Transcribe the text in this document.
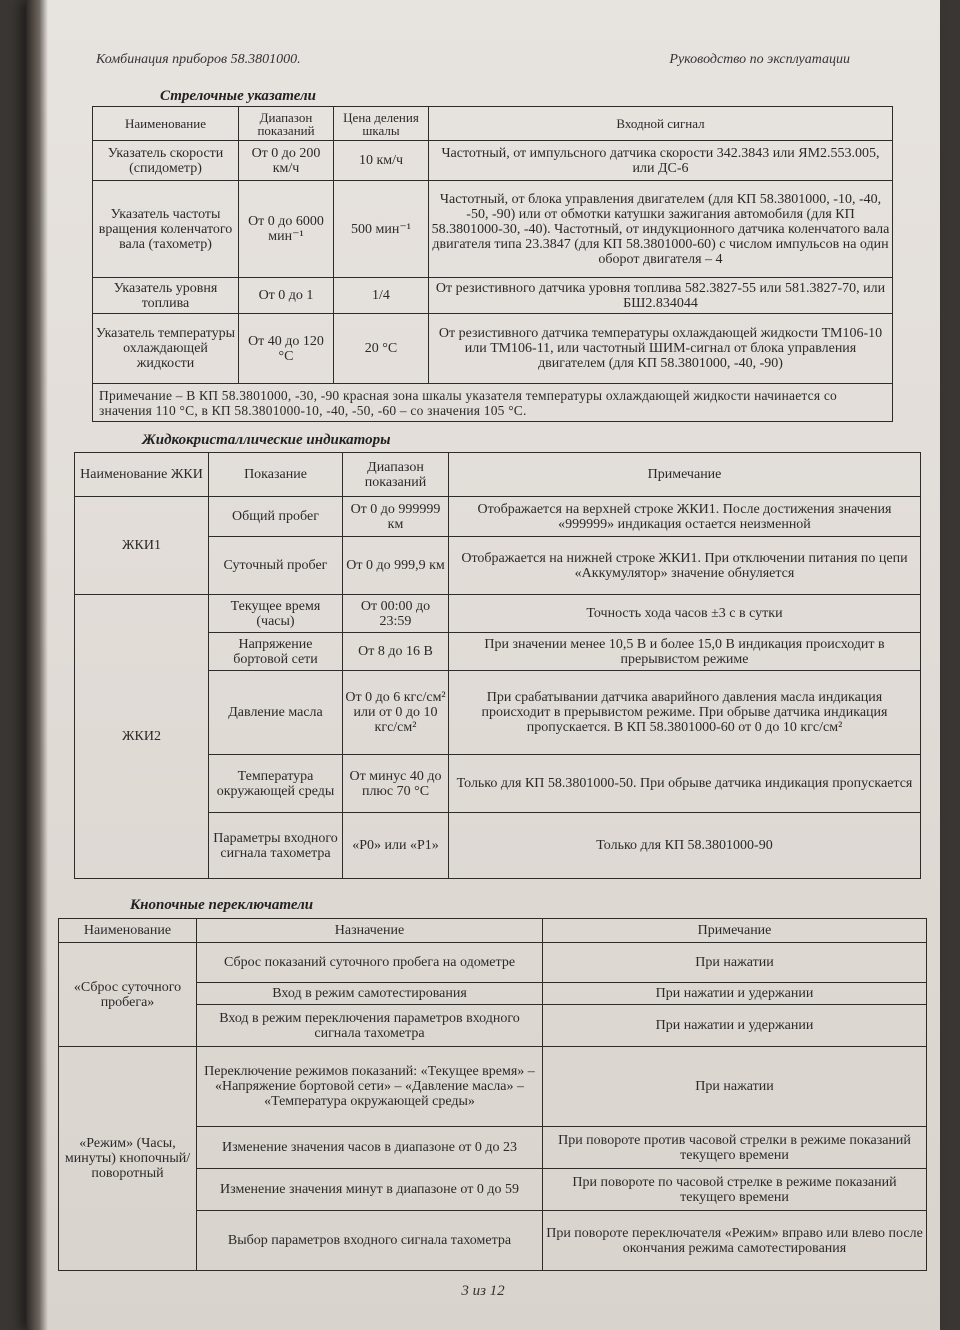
Комбинация приборов 58.3801000.	Руководство по эксплуатации
Стрелочные указатели
Наименование	Диапазон показаний	Цена деления шкалы	Входной сигнал
Указатель скорости (спидометр)	От 0 до 200 км/ч	10 км/ч	Частотный, от импульсного датчика скорости 342.3843 или ЯМ2.553.005, или ДС-6
Указатель частоты вращения коленчатого вала (тахометр)	От 0 до 6000 мин⁻¹	500 мин⁻¹	Частотный, от блока управления двигателем (для КП 58.3801000, -10, -40, -50, -90) или от обмотки катушки зажигания автомобиля (для КП 58.3801000-30, -40). Частотный, от индукционного датчика коленчатого вала двигателя типа 23.3847 (для КП 58.3801000-60) с числом импульсов на один оборот двигателя – 4
Указатель уровня топлива	От 0 до 1	1/4	От резистивного датчика уровня топлива 582.3827-55 или 581.3827-70, или БШ2.834044
Указатель температуры охлаждающей жидкости	От 40 до 120 °С	20 °С	От резистивного датчика температуры охлаждающей жидкости ТМ106-10 или ТМ106-11, или частотный ШИМ-сигнал от блока управления двигателем (для КП 58.3801000, -40, -90)
Примечание – В КП 58.3801000, -30, -90 красная зона шкалы указателя температуры охлаждающей жидкости начинается со значения 110 °С, в КП 58.3801000-10, -40, -50, -60 – со значения 105 °С.			
Жидкокристаллические индикаторы
Наименование ЖКИ	Показание	Диапазон показаний	Примечание
ЖКИ1	Общий пробег	От 0 до 999999 км	Отображается на верхней строке ЖКИ1. После достижения значения «999999» индикация остается неизменной
	Суточный пробег	От 0 до 999,9 км	Отображается на нижней строке ЖКИ1. При отключении питания по цепи «Аккумулятор» значение обнуляется
ЖКИ2	Текущее время (часы)	От 00:00 до 23:59	Точность хода часов ±3 с в сутки
	Напряжение бортовой сети	От 8 до 16 В	При значении менее 10,5 В и более 15,0 В индикация происходит в прерывистом режиме
	Давление масла	От 0 до 6 кгс/см² или от 0 до 10 кгс/см²	При срабатывании датчика аварийного давления масла индикация происходит в прерывистом режиме. При обрыве датчика индикация пропускается. В КП 58.3801000-60 от 0 до 10 кгс/см²
	Температура окружающей среды	От минус 40 до плюс 70 °С	Только для КП 58.3801000-50. При обрыве датчика индикация пропускается
	Параметры входного сигнала тахометра	«Р0» или «Р1»	Только для КП 58.3801000-90
Кнопочные переключатели
Наименование	Назначение	Примечание
«Сброс суточного пробега»	Сброс показаний суточного пробега на одометре	При нажатии
	Вход в режим самотестирования	При нажатии и удержании
	Вход в режим переключения параметров входного сигнала тахометра	При нажатии и удержании
«Режим» (Часы, минуты) кнопочный/ поворотный	Переключение режимов показаний: «Текущее время» – «Напряжение бортовой сети» – «Давление масла» – «Температура окружающей среды»	При нажатии
	Изменение значения часов в диапазоне от 0 до 23	При повороте против часовой стрелки в режиме показаний текущего времени
	Изменение значения минут в диапазоне от 0 до 59	При повороте по часовой стрелке в режиме показаний текущего времени
	Выбор параметров входного сигнала тахометра	При повороте переключателя «Режим» вправо или влево после окончания режима самотестирования
3 из 12
